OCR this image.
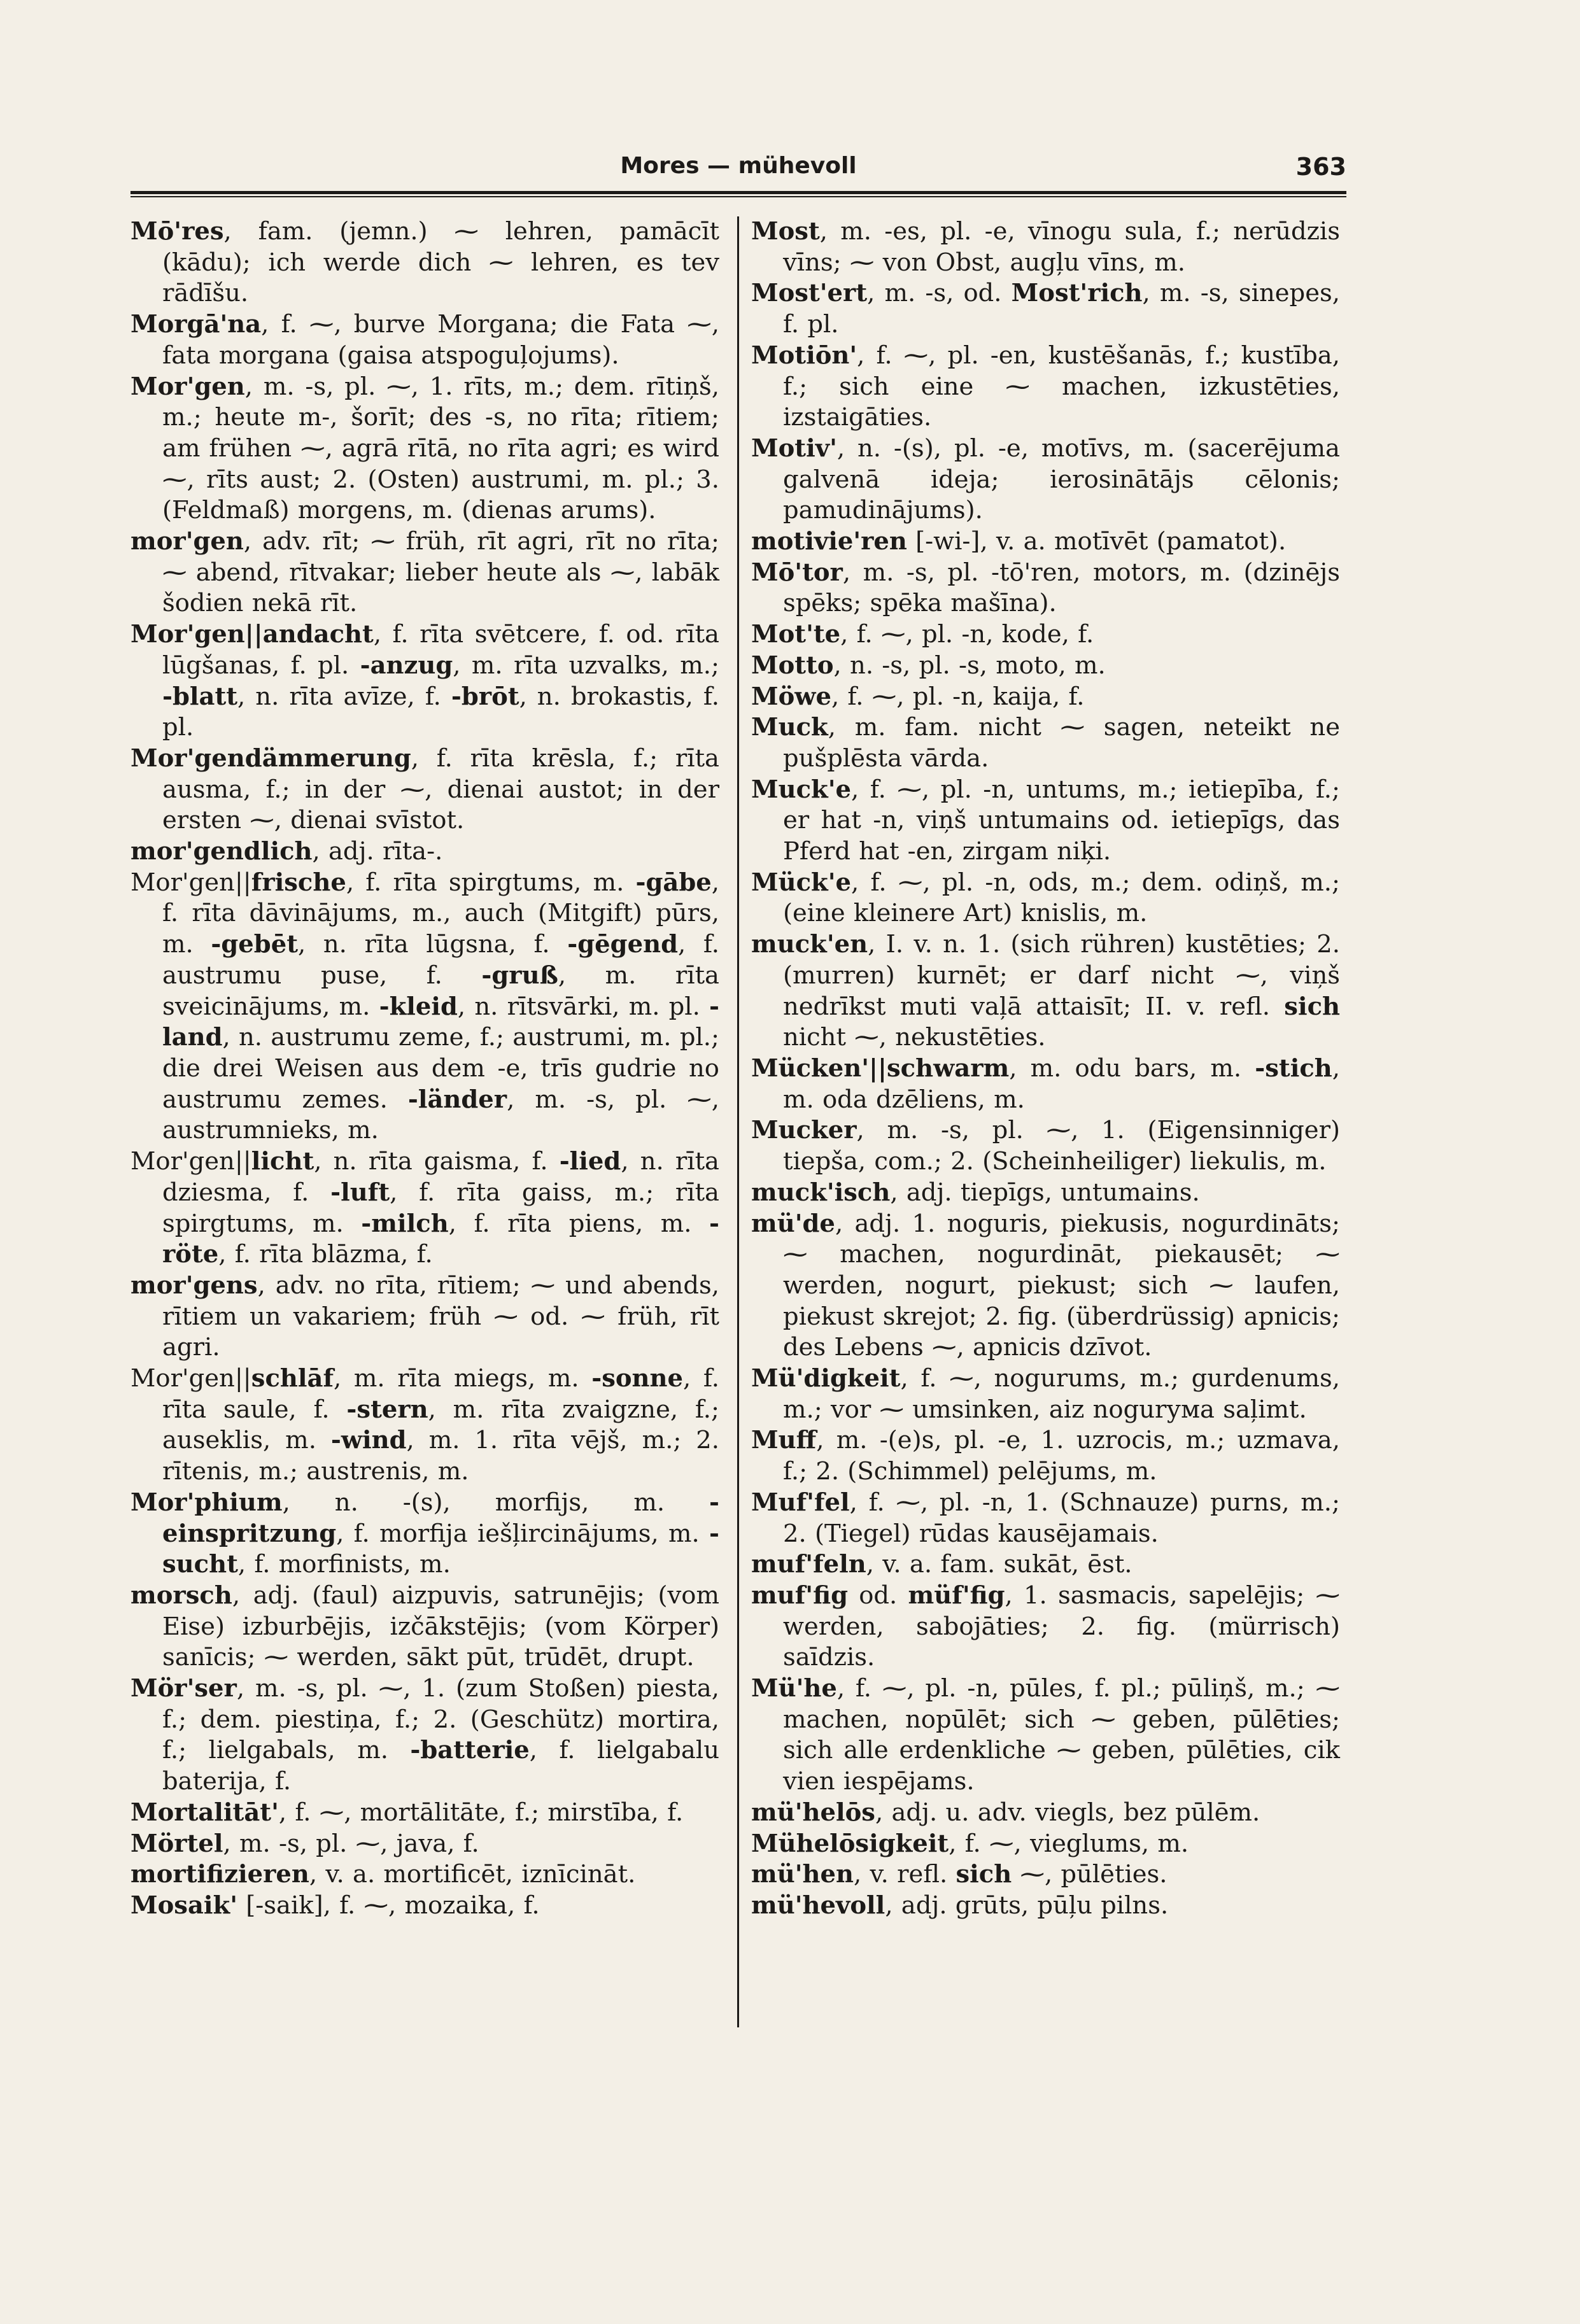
Mores — mühevoll	363

Mō'res, fam. (jemn.) ⁓ lehren, pamācīt (kādu); ich werde dich ⁓ lehren, es tev rādīšu.

Morgā'na, f. ⁓, burve Morgana; die Fata ⁓, fata morgana (gaisa atspoguļojums).

Mor'gen, m. -s, pl. ⁓, 1. rīts, m.; dem. rītiņš, m.; heute m-, šorīt; des -s, no rīta; rītiem; am frühen ⁓, agrā rītā, no rīta agri; es wird ⁓, rīts aust; 2. (Osten) austrumi, m. pl.; 3. (Feldmaß) morgens, m. (dienas arums).

mor'gen, adv. rīt; ⁓ früh, rīt agri, rīt no rīta; ⁓ abend, rītvakar; lieber heute als ⁓, labāk šodien nekā rīt.

Mor'gen||andacht, f. rīta svētcere, f. od. rīta lūgšanas, f. pl. -anzug, m. rīta uzvalks, m.; -blatt, n. rīta avīze, f. -brōt, n. brokastis, f. pl.

Mor'gendämmerung, f. rīta krēsla, f.; rīta ausma, f.; in der ⁓, dienai austot; in der ersten ⁓, dienai svīstot.

mor'gendlich, adj. rīta-.

Mor'gen||frische, f. rīta spirgtums, m. -gābe, f. rīta dāvinājums, m., auch (Mitgift) pūrs, m. -gebēt, n. rīta lūgsna, f. -gēgend, f. austrumu puse, f. -gruß, m. rīta sveicinājums, m. -kleid, n. rītsvārki, m. pl. -land, n. austrumu zeme, f.; austrumi, m. pl.; die drei Weisen aus dem -e, trīs gudrie no austrumu zemes. -länder, m. -s, pl. ⁓, austrumnieks, m.

Mor'gen||licht, n. rīta gaisma, f. -lied, n. rīta dziesma, f. -luft, f. rīta gaiss, m.; rīta spirgtums, m. -milch, f. rīta piens, m. -röte, f. rīta blāzma, f.

mor'gens, adv. no rīta, rītiem; ⁓ und abends, rītiem un vakariem; früh ⁓ od. ⁓ früh, rīt agri.

Mor'gen||schlāf, m. rīta miegs, m. -sonne, f. rīta saule, f. -stern, m. rīta zvaigzne, f.; auseklis, m. -wind, m. 1. rīta vējš, m.; 2. rītenis, m.; austrenis, m.

Mor'phium, n. -(s), morfijs, m. -einspritzung, f. morfija iešļircinājums, m. -sucht, f. morfinists, m.

morsch, adj. (faul) aizpuvis, satrunējis; (vom Eise) izburbējis, izčākstējis; (vom Körper) sanīcis; ⁓ werden, sākt pūt, trūdēt, drupt.

Mör'ser, m. -s, pl. ⁓, 1. (zum Stoßen) piesta, f.; dem. piestiņa, f.; 2. (Geschütz) mortira, f.; lielgabals, m. -batterie, f. lielgabalu baterija, f.

Mortalitāt', f. ⁓, mortālitāte, f.; mirstība, f.

Mörtel, m. -s, pl. ⁓, java, f.

mortifizieren, v. a. mortificēt, iznīcināt.

Mosaik' [-saik], f. ⁓, mozaika, f.

Most, m. -es, pl. -e, vīnogu sula, f.; nerūdzis vīns; ⁓ von Obst, augļu vīns, m.

Most'ert, m. -s, od. Most'rich, m. -s, sinepes, f. pl.

Motiōn', f. ⁓, pl. -en, kustēšanās, f.; kustība, f.; sich eine ⁓ machen, izkustēties, izstaigāties.

Motiv', n. -(s), pl. -e, motīvs, m. (sacerējuma galvenā ideja; ierosinātājs cēlonis; pamudinājums).

motivie'ren [-wi-], v. a. motīvēt (pamatot).

Mō'tor, m. -s, pl. -tō'ren, motors, m. (dzinējs spēks; spēka mašīna).

Mot'te, f. ⁓, pl. -n, kode, f.

Motto, n. -s, pl. -s, moto, m.

Möwe, f. ⁓, pl. -n, kaija, f.

Muck, m. fam. nicht ⁓ sagen, neteikt ne pušplēsta vārda.

Muck'e, f. ⁓, pl. -n, untums, m.; ietiepība, f.; er hat -n, viņš untumains od. ietiepīgs, das Pferd hat -en, zirgam niķi.

Mück'e, f. ⁓, pl. -n, ods, m.; dem. odiņš, m.; (eine kleinere Art) knislis, m.

muck'en, I. v. n. 1. (sich rühren) kustēties; 2. (murren) kurnēt; er darf nicht ⁓, viņš nedrīkst muti vaļā attaisīt; II. v. refl. sich nicht ⁓, nekustēties.

Mücken'||schwarm, m. odu bars, m. -stich, m. oda dzēliens, m.

Mucker, m. -s, pl. ⁓, 1. (Eigensinniger) tiepša, com.; 2. (Scheinheiliger) liekulis, m.

muck'isch, adj. tiepīgs, untumains.

mü'de, adj. 1. noguris, piekusis, nogurdināts; ⁓ machen, nogurdināt, piekausēt; ⁓ werden, nogurt, piekust; sich ⁓ laufen, piekust skrejot; 2. fig. (überdrüssig) apnicis; des Lebens ⁓, apnicis dzīvot.

Mü'digkeit, f. ⁓, nogurums, m.; gurdenums, m.; vor ⁓ umsinken, aiz nogurума saļimt.

Muff, m. -(e)s, pl. -e, 1. uzrocis, m.; uzmava, f.; 2. (Schimmel) pelējums, m.

Muf'fel, f. ⁓, pl. -n, 1. (Schnauze) purns, m.; 2. (Tiegel) rūdas kausējamais.

muf'feln, v. a. fam. sukāt, ēst.

muf'fig od. müf'fig, 1. sasmacis, sapelējis; ⁓ werden, sabojāties; 2. fig. (mürrisch) saīdzis.

Mü'he, f. ⁓, pl. -n, pūles, f. pl.; pūliņš, m.; ⁓ machen, nopūlēt; sich ⁓ geben, pūlēties; sich alle erdenkliche ⁓ geben, pūlēties, cik vien iespējams.

mü'helōs, adj. u. adv. viegls, bez pūlēm.

Mühelōsigkeit, f. ⁓, vieglums, m.

mü'hen, v. refl. sich ⁓, pūlēties.

mü'hevoll, adj. grūts, pūļu pilns.
